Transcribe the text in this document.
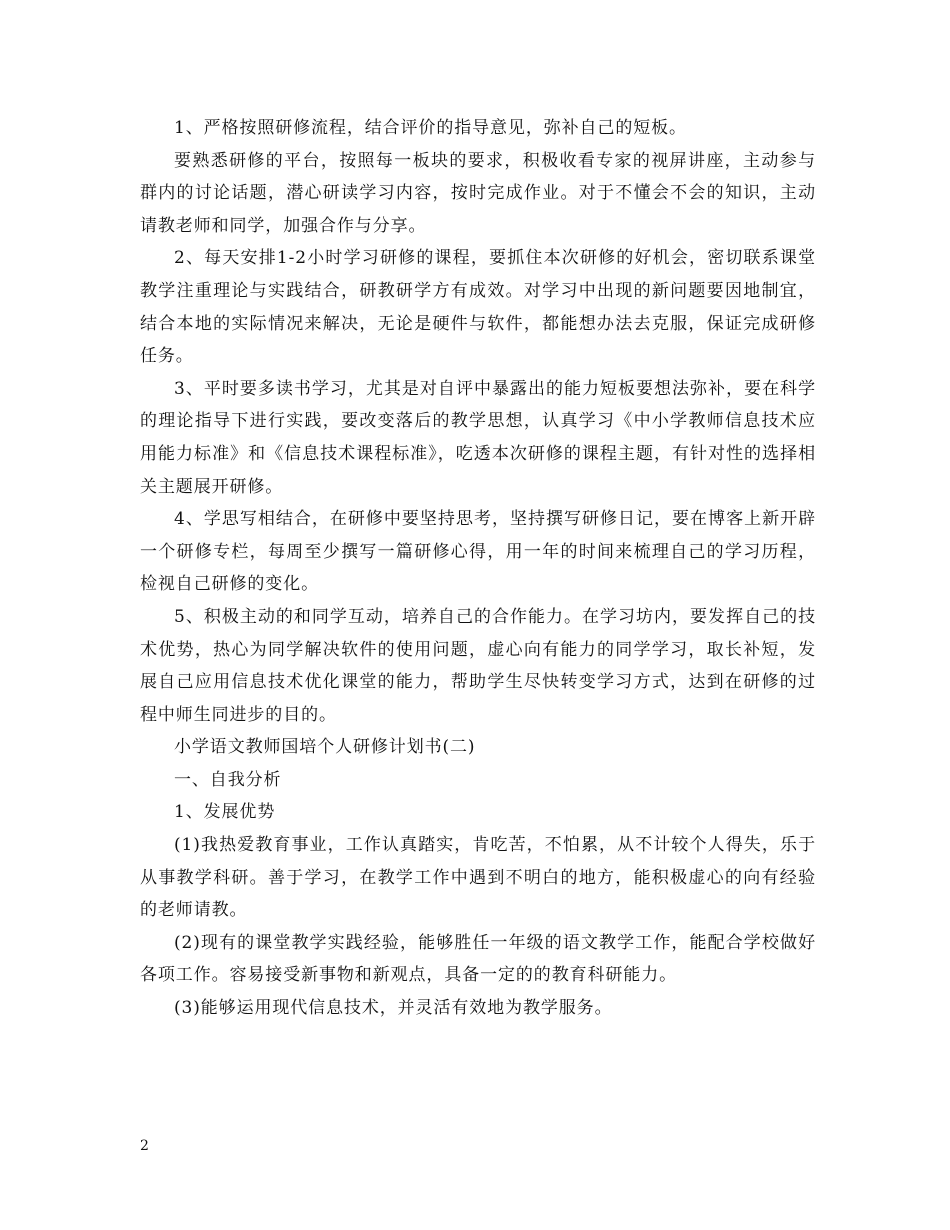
1、严格按照研修流程，结合评价的指导意见，弥补自己的短板。

要熟悉研修的平台，按照每一板块的要求，积极收看专家的视屏讲座，主动参与群内的讨论话题，潜心研读学习内容，按时完成作业。对于不懂会不会的知识，主动请教老师和同学，加强合作与分享。

2、每天安排1-2小时学习研修的课程，要抓住本次研修的好机会，密切联系课堂教学注重理论与实践结合，研教研学方有成效。对学习中出现的新问题要因地制宜，结合本地的实际情况来解决，无论是硬件与软件，都能想办法去克服，保证完成研修任务。

3、平时要多读书学习，尤其是对自评中暴露出的能力短板要想法弥补，要在科学的理论指导下进行实践，要改变落后的教学思想，认真学习《中小学教师信息技术应用能力标准》和《信息技术课程标准》，吃透本次研修的课程主题，有针对性的选择相关主题展开研修。

4、学思写相结合，在研修中要坚持思考，坚持撰写研修日记，要在博客上新开辟一个研修专栏，每周至少撰写一篇研修心得，用一年的时间来梳理自己的学习历程，检视自己研修的变化。

5、积极主动的和同学互动，培养自己的合作能力。在学习坊内，要发挥自己的技术优势，热心为同学解决软件的使用问题，虚心向有能力的同学学习，取长补短，发展自己应用信息技术优化课堂的能力，帮助学生尽快转变学习方式，达到在研修的过程中师生同进步的目的。

小学语文教师国培个人研修计划书(二)

一、自我分析

1、发展优势

(1)我热爱教育事业，工作认真踏实，肯吃苦，不怕累，从不计较个人得失，乐于从事教学科研。善于学习，在教学工作中遇到不明白的地方，能积极虚心的向有经验的老师请教。

(2)现有的课堂教学实践经验，能够胜任一年级的语文教学工作，能配合学校做好各项工作。容易接受新事物和新观点，具备一定的的教育科研能力。

(3)能够运用现代信息技术，并灵活有效地为教学服务。

2
